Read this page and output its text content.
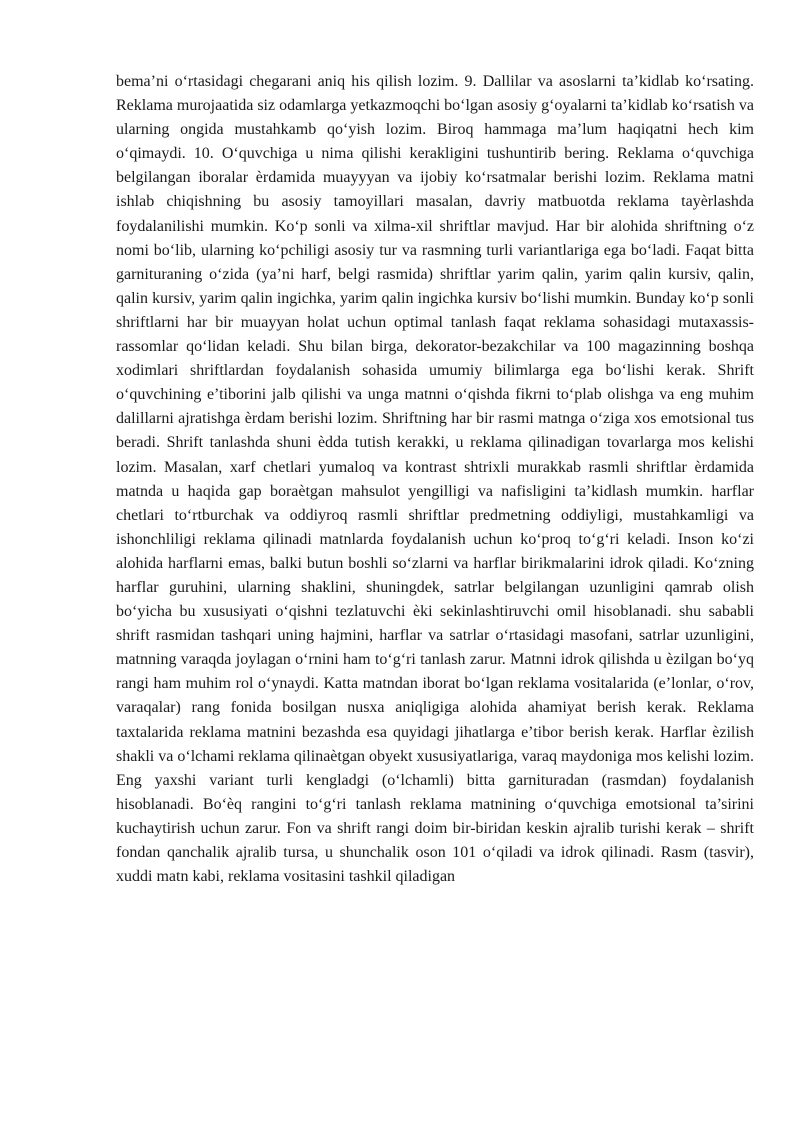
bema’ni o‘rtasidagi chegarani aniq his qilish lozim. 9. Dallilar va asoslarni ta’kidlab ko‘rsating. Reklama murojaatida siz odamlarga yetkazmoqchi bo‘lgan asosiy g‘oyalarni ta’kidlab ko‘rsatish va ularning ongida mustahkamb qo‘yish lozim. Biroq hammaga ma’lum haqiqatni hech kim o‘qimaydi. 10. O‘quvchiga u nima qilishi kerakligini tushuntirib bering. Reklama o‘quvchiga belgilangan iboralar ѐrdamida muayyyan va ijobiy ko‘rsatmalar berishi lozim. Reklama matni ishlab chiqishning bu asosiy tamoyillari masalan, davriy matbuotda reklama tayѐrlashda foydalanilishi mumkin. Ko‘p sonli va xilma-xil shriftlar mavjud. Har bir alohida shriftning o‘z nomi bo‘lib, ularning ko‘pchiligi asosiy tur va rasmning turli variantlariga ega bo‘ladi. Faqat bitta garnituraning o‘zida (ya’ni harf, belgi rasmida) shriftlar yarim qalin, yarim qalin kursiv, qalin, qalin kursiv, yarim qalin ingichka, yarim qalin ingichka kursiv bo‘lishi mumkin. Bunday ko‘p sonli shriftlarni har bir muayyan holat uchun optimal tanlash faqat reklama sohasidagi mutaxassis-rassomlar qo‘lidan keladi. Shu bilan birga, dekorator-bezakchilar va 100 magazinning boshqa xodimlari shriftlardan foydalanish sohasida umumiy bilimlarga ega bo‘lishi kerak. Shrift o‘quvchining e’tiborini jalb qilishi va unga matnni o‘qishda fikrni to‘plab olishga va eng muhim dalillarni ajratishga ѐrdam berishi lozim. Shriftning har bir rasmi matnga o‘ziga xos emotsional tus beradi. Shrift tanlashda shuni ѐdda tutish kerakki, u reklama qilinadigan tovarlarga mos kelishi lozim. Masalan, xarf chetlari yumaloq va kontrast shtrixli murakkab rasmli shriftlar ѐrdamida matnda u haqida gap boraѐtgan mahsulot yengilligi va nafisligini ta’kidlash mumkin. harflar chetlari to‘rtburchak va oddiyroq rasmli shriftlar predmetning oddiyligi, mustahkamligi va ishonchliligi reklama qilinadi matnlarda foydalanish uchun ko‘proq to‘g‘ri keladi. Inson ko‘zi alohida harflarni emas, balki butun boshli so‘zlarni va harflar birikmalarini idrok qiladi. Ko‘zning harflar guruhini, ularning shaklini, shuningdek, satrlar belgilangan uzunligini qamrab olish bo‘yicha bu xususiyati o‘qishni tezlatuvchi ѐki sekinlashtiruvchi omil hisoblanadi. shu sababli shrift rasmidan tashqari uning hajmini, harflar va satrlar o‘rtasidagi masofani, satrlar uzunligini, matnning varaqda joylagan o‘rnini ham to‘g‘ri tanlash zarur. Matnni idrok qilishda u ѐzilgan bo‘yq rangi ham muhim rol o‘ynaydi. Katta matndan iborat bo‘lgan reklama vositalarida (e’lonlar, o‘rov, varaqalar) rang fonida bosilgan nusxa aniqligiga alohida ahamiyat berish kerak. Reklama taxtalarida reklama matnini bezashda esa quyidagi jihatlarga e’tibor berish kerak. Harflar ѐzilish shakli va o‘lchami reklama qilinaѐtgan obyekt xususiyatlariga, varaq maydoniga mos kelishi lozim. Eng yaxshi variant turli kengladgi (o‘lchamli) bitta garnituradan (rasmdan) foydalanish hisoblanadi. Bo‘ѐq rangini to‘g‘ri tanlash reklama matnining o‘quvchiga emotsional ta’sirini kuchaytirish uchun zarur. Fon va shrift rangi doim bir-biridan keskin ajralib turishi kerak – shrift fondan qanchalik ajralib tursa, u shunchalik oson 101 o‘qiladi va idrok qilinadi. Rasm (tasvir), xuddi matn kabi, reklama vositasini tashkil qiladigan
